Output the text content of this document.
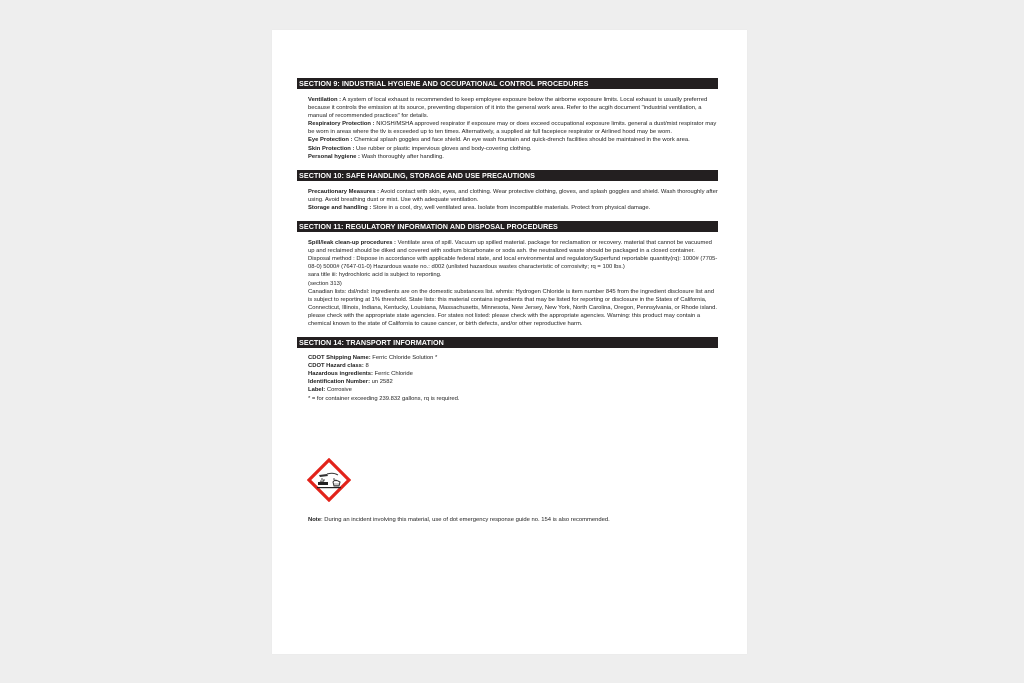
SECTION 9: INDUSTRIAL HYGIENE AND OCCUPATIONAL CONTROL PROCEDURES

Ventilation : A system of local exhaust is recommended to keep employee exposure below the airborne exposure limits. Local exhaust is usually preferred because it controls the emission at its source, preventing dispersion of it into the general work area. Refer to the acgih document "industrial ventilation, a manual of recommended practices" for details.

Respiratory Protection : NIOSH/MSHA approved respirator if exposure may or does exceed occupational exposure limits. general a dust/mist respirator may be worn in areas where the tlv is exceeded up to ten times. Alternatively, a supplied air full facepiece respirator or Airlined hood may be worn.

Eye Protection : Chemical splash goggles and face shield. An eye wash fountain and quick-drench facilities should be maintained in the work area.

Skin Protection : Use rubber or plastic impervious gloves and body-covering clothing.

Personal hygiene : Wash thoroughly after handling.

SECTION 10: SAFE HANDLING, STORAGE AND USE PRECAUTIONS

Precautionary Measures : Avoid contact with skin, eyes, and clothing. Wear protective clothing, gloves, and splash goggles and shield. Wash thoroughly after using. Avoid breathing dust or mist. Use with adequate ventilation.

Storage and handling : Store in a cool, dry, well ventilated area. Isolate from incompatible materials. Protect from physical damage.

SECTION 11: REGULATORY INFORMATION AND DISPOSAL PROCEDURES

Spill/leak clean-up procedures : Ventilate area of spill. Vacuum up spilled material. package for reclamation or recovery. material that cannot be vacuumed up and reclaimed should be diked and covered with sodium bicarbonate or soda ash. the neutralized waste should be packaged in a closed container.

Disposal method : Dispose in accordance with applicable federal state, and local environmental and regulatorySuperfund reportable quantity(rq): 1000# (7705-08-0) 5000# (7647-01-0) Hazardous waste no.: d002 (unlisted hazardous wastes characteristic of corrosivity; rq = 100 lbs.)

sara title iii: hydrochloric acid is subject to reporting.

(section 313)

Canadian lists: dsl/ndsl: ingredients are on the domestic substances list. whmis: Hydrogen Chloride is item number 845 from the ingredient disclosure list and is subject to reporting at 1% threshold. State lists: this material contains ingredients that may be listed for reporting or disclosure in the States of California, Connecticut, Illinois, Indiana, Kentucky, Louisiana, Massachusetts, Minnesota, New Jersey, New York, North Carolina, Oregon, Pennsylvania, or Rhode island. please check with the appropriate state agencies. For states not listed: please check with the appropriate agencies. Warning: this product may contain a chemical known to the state of California to cause cancer, or birth defects, and/or other reproductive harm.

SECTION 14: TRANSPORT INFORMATION

CDOT Shipping Name: Ferric Chloride Solution *

CDOT Hazard class: 8

Hazardous ingredients: Ferric Chloride

Identification Number: un 2582

Label: Corrosive

* = for container exceeding 239.832 gallons, rq is required.

Note: During an incident involving this material, use of dot emergency response guide no. 154 is also recommended.
